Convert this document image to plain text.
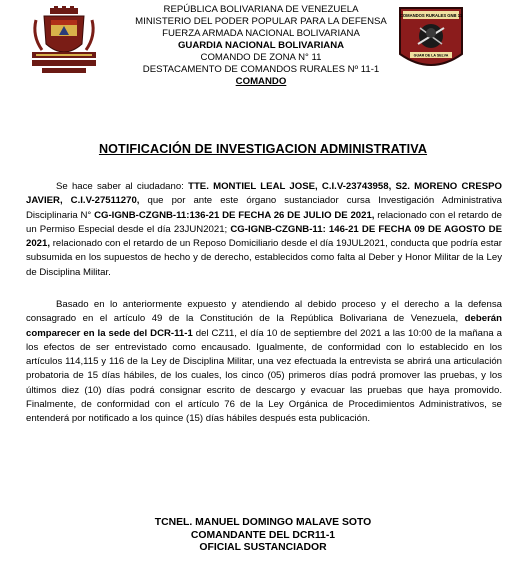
REPÚBLICA BOLIVARIANA DE VENEZUELA
MINISTERIO DEL PODER POPULAR PARA LA DEFENSA
FUERZA ARMADA NACIONAL BOLIVARIANA
GUARDIA NACIONAL BOLIVARIANA
COMANDO DE ZONA N° 11
DESTACAMENTO DE COMANDOS RURALES Nº 11-1
COMANDO
COMANDOS RURALES GNB 11
GUAR DE LA SELVA
NOTIFICACIÓN DE INVESTIGACION ADMINISTRATIVA
Se hace saber al ciudadano: TTE. MONTIEL LEAL JOSE, C.I.V-23743958, S2. MORENO CRESPO JAVIER, C.I.V-27511270, que por ante este órgano sustanciador cursa Investigación Administrativa Disciplinaria N° CG-IGNB-CZGNB-11:136-21 DE FECHA 26 DE JULIO DE 2021, relacionado con el retardo de un Permiso Especial desde el día 23JUN2021; CG-IGNB-CZGNB-11: 146-21 DE FECHA 09 DE AGOSTO DE 2021, relacionado con el retardo de un Reposo Domiciliario desde el día 19JUL2021, conducta que podría estar subsumida en los supuestos de hecho y de derecho, establecidos como falta al Deber y Honor Militar de la Ley de Disciplina Militar.
Basado en lo anteriormente expuesto y atendiendo al debido proceso y el derecho a la defensa consagrado en el artículo 49 de la Constitución de la República Bolivariana de Venezuela, deberán comparecer en la sede del DCR-11-1 del CZ11, el día 10 de septiembre del 2021 a las 10:00 de la mañana a los efectos de ser entrevistado como encausado. Igualmente, de conformidad con lo establecido en los artículos 114,115 y 116 de la Ley de Disciplina Militar, una vez efectuada la entrevista se abrirá una articulación probatoria de 15 días hábiles, de los cuales, los cinco (05) primeros días podrá promover las pruebas, y los últimos diez (10) días podrá consignar escrito de descargo y evacuar las pruebas que haya promovido. Finalmente, de conformidad con el artículo 76 de la Ley Orgánica de Procedimientos Administrativos, se entenderá por notificado a los quince (15) días hábiles después esta publicación.
TCNEL. MANUEL DOMINGO MALAVE SOTO
COMANDANTE DEL DCR11-1
OFICIAL SUSTANCIADOR
